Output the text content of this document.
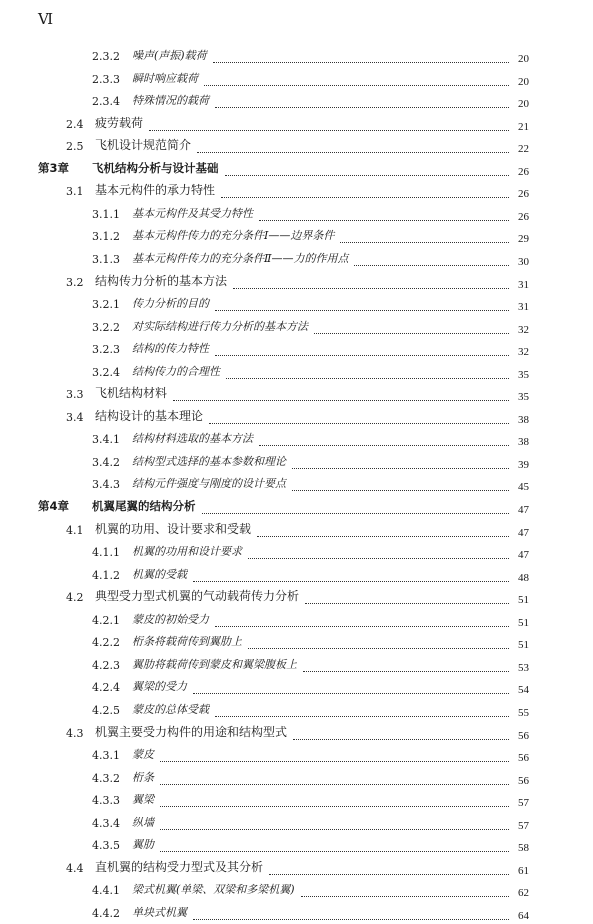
Ⅵ
2.3.2 噪声(声振)载荷	20
2.3.3 瞬时响应载荷	20
2.3.4 特殊情况的载荷	20
2.4 疲劳载荷	21
2.5 飞机设计规范简介	22
第3章 飞机结构分析与设计基础	26
3.1 基本元构件的承力特性	26
3.1.1 基本元构件及其受力特性	26
3.1.2 基本元构件传力的充分条件Ⅰ——边界条件	29
3.1.3 基本元构件传力的充分条件Ⅱ——力的作用点	30
3.2 结构传力分析的基本方法	31
3.2.1 传力分析的目的	31
3.2.2 对实际结构进行传力分析的基本方法	32
3.2.3 结构的传力特性	32
3.2.4 结构传力的合理性	35
3.3 飞机结构材料	35
3.4 结构设计的基本理论	38
3.4.1 结构材料选取的基本方法	38
3.4.2 结构型式选择的基本参数和理论	39
3.4.3 结构元件强度与刚度的设计要点	45
第4章 机翼尾翼的结构分析	47
4.1 机翼的功用、设计要求和受载	47
4.1.1 机翼的功用和设计要求	47
4.1.2 机翼的受载	48
4.2 典型受力型式机翼的气动载荷传力分析	51
4.2.1 蒙皮的初始受力	51
4.2.2 桁条将载荷传到翼肋上	51
4.2.3 翼肋将载荷传到蒙皮和翼梁腹板上	53
4.2.4 翼梁的受力	54
4.2.5 蒙皮的总体受载	55
4.3 机翼主要受力构件的用途和结构型式	56
4.3.1 蒙皮	56
4.3.2 桁条	56
4.3.3 翼梁	57
4.3.4 纵墙	57
4.3.5 翼肋	58
4.4 直机翼的结构受力型式及其分析	61
4.4.1 梁式机翼(单梁、双梁和多梁机翼)	62
4.4.2 单块式机翼	64
